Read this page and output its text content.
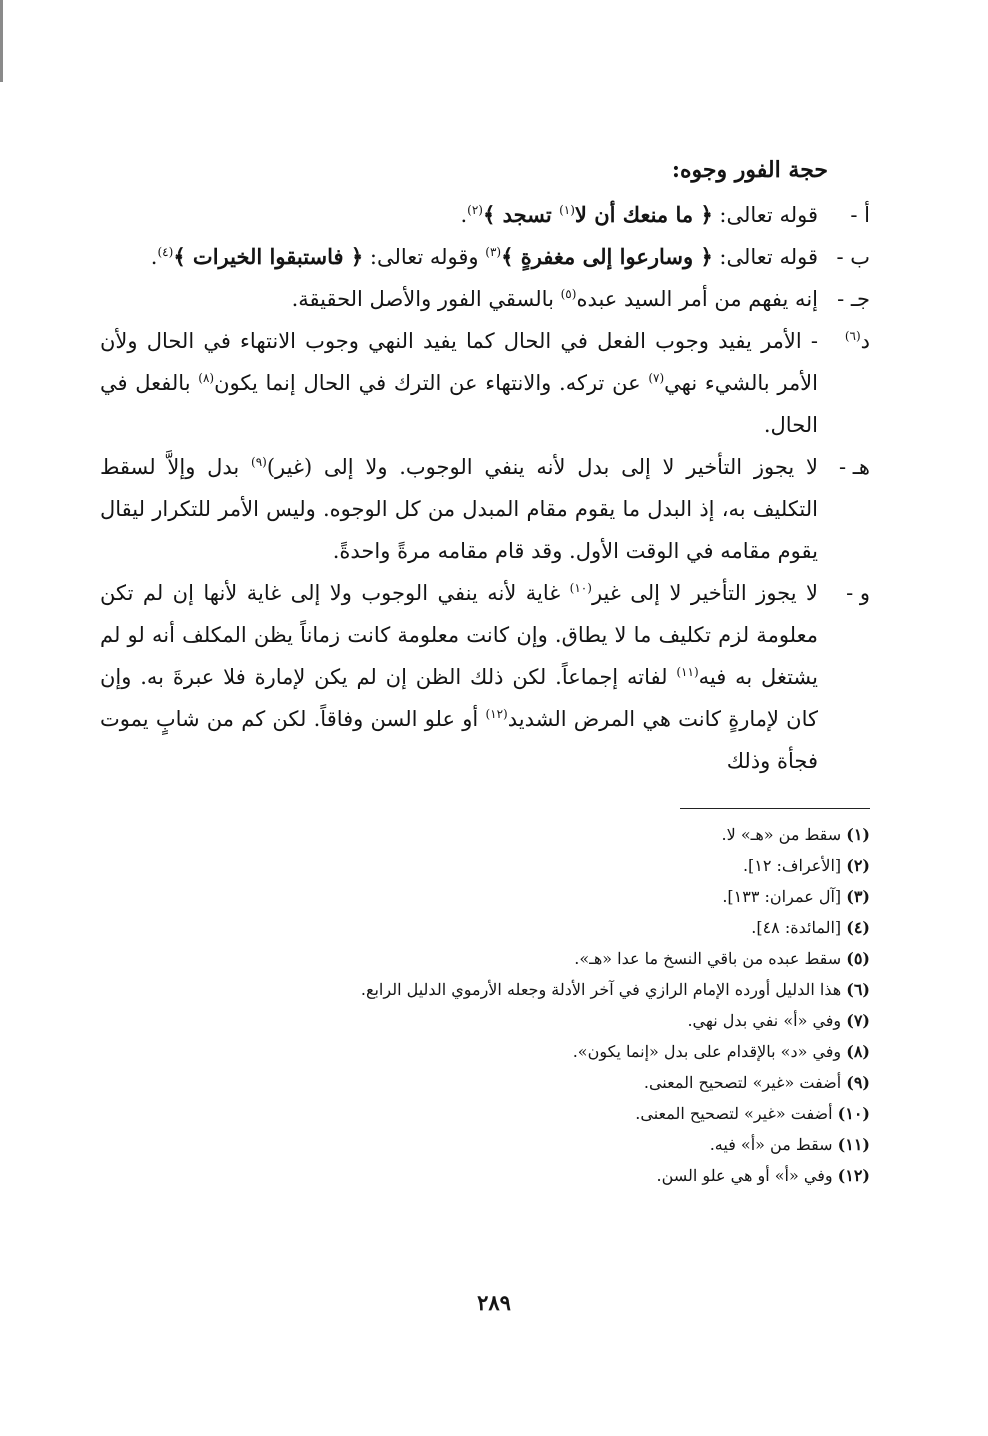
حجة الفور وجوه:
أ -
قوله تعالى: ﴿ ما منعك أن لا$^{(١)}$ تسجد ﴾$^{(٢)}$.
ب -
قوله تعالى: ﴿ وسارعوا إلى مغفرةٍ ﴾$^{(٣)}$ وقوله تعالى: ﴿ فاستبقوا الخيرات ﴾$^{(٤)}$.
جـ -
إنه يفهم من أمر السيد عبده$^{(٥)}$ بالسقي الفور والأصل الحقيقة.
د$^{(٦)}$
- الأمر يفيد وجوب الفعل في الحال كما يفيد النهي وجوب الانتهاء في الحال ولأن الأمر بالشيء نهي$^{(٧)}$ عن تركه. والانتهاء عن الترك في الحال إنما يكون$^{(٨)}$ بالفعل في الحال.
هـ -
لا يجوز التأخير لا إلى بدل لأنه ينفي الوجوب. ولا إلى (غير)$^{(٩)}$ بدل وإلاَّ لسقط التكليف به، إذ البدل ما يقوم مقام المبدل من كل الوجوه. وليس الأمر للتكرار ليقال يقوم مقامه في الوقت الأول. وقد قام مقامه مرةً واحدةً.
و -
لا يجوز التأخير لا إلى غير$^{(١٠)}$ غاية لأنه ينفي الوجوب ولا إلى غاية لأنها إن لم تكن معلومة لزم تكليف ما لا يطاق. وإن كانت معلومة كانت زماناً يظن المكلف أنه لو لم يشتغل به فيه$^{(١١)}$ لفاته إجماعاً. لكن ذلك الظن إن لم يكن لإمارة فلا عبرةَ به. وإن كان لإمارةٍ كانت هي المرض الشديد$^{(١٢)}$ أو علو السن وفاقاً. لكن كم من شابٍ يموت فجأة وذلك
(١) سقط من «هـ» لا.
(٢) [الأعراف: ١٢].
(٣) [آل عمران: ١٣٣].
(٤) [المائدة: ٤٨].
(٥) سقط عبده من باقي النسخ ما عدا «هـ».
(٦) هذا الدليل أورده الإمام الرازي في آخر الأدلة وجعله الأرموي الدليل الرابع.
(٧) وفي «أ» نفي بدل نهي.
(٨) وفي «د» بالإقدام على بدل «إنما يكون».
(٩) أضفت «غير» لتصحيح المعنى.
(١٠) أضفت «غير» لتصحيح المعنى.
(١١) سقط من «أ» فيه.
(١٢) وفي «أ» أو هي علو السن.
٢٨٩
